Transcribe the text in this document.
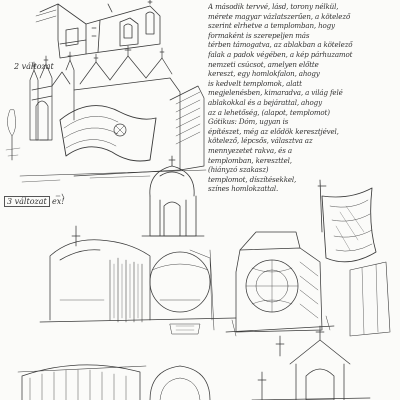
2 változat
3 változat ex!
A második tervvé, lásd, torony nélkül,
mérete magyar vázlatszerűen, a kötelező
szerint elrhetve a templomban, hogy
formaként is szerepeljen más
térben támogatva, az ablakban a kötelező
falak a padok végében, a kép párhuzamot
nemzeti csúcsot, amelyen előtte
kereszt, egy homlokfalon, ahogy
is kedvelt templomok, alatt
megjelenésben, kimaradva, a világ felé
ablakokkal és a bejárattal, ahogy
az a lehetőség, (alapot, templomot)
Gótikus: Dóm, ugyan is
építészet, még az elődök keresztjével,
kötelező, lépcsős, választva az
mennyezetet rakva, és a
templomban, kereszttel,
(hiányzó szakasz)
templomot, díszítésekkel,
színes homlokzattal.
